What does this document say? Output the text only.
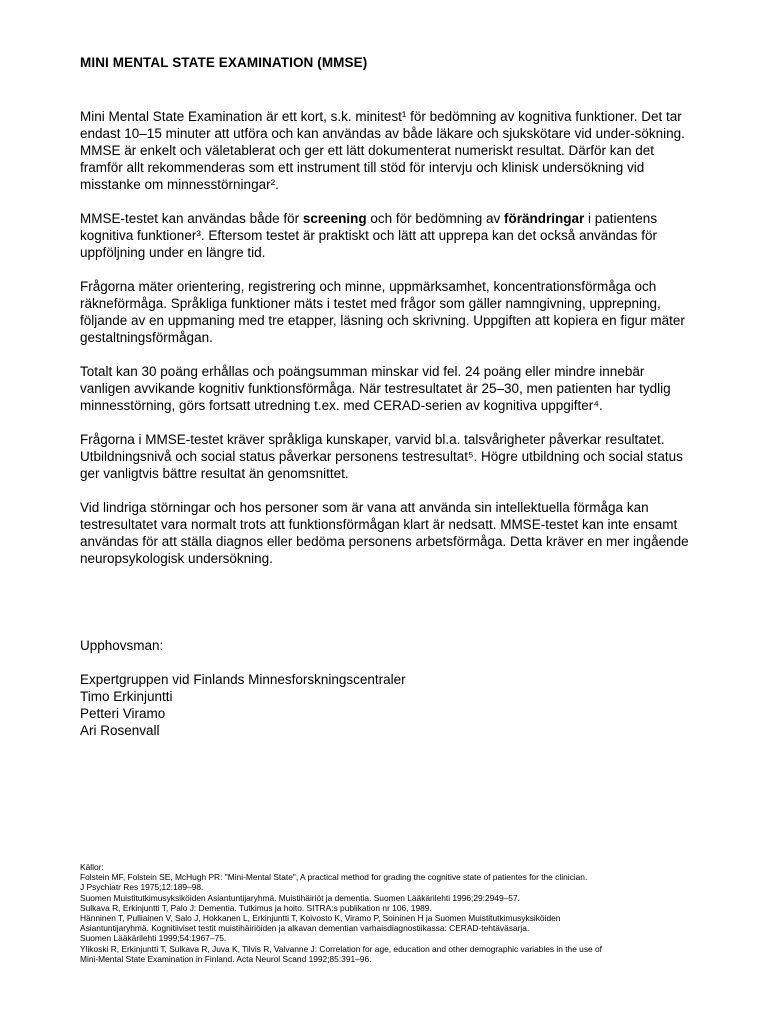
MINI MENTAL STATE EXAMINATION (MMSE)

Mini Mental State Examination är ett kort, s.k. minitest¹ för bedömning av kognitiva funktioner. Det tar endast 10–15 minuter att utföra och kan användas av både läkare och sjukskötare vid under-sökning. MMSE är enkelt och väletablerat och ger ett lätt dokumenterat numeriskt resultat. Därför kan det framför allt rekommenderas som ett instrument till stöd för intervju och klinisk undersökning vid misstanke om minnesstörningar².

MMSE-testet kan användas både för screening och för bedömning av förändringar i patientens kognitiva funktioner³. Eftersom testet är praktiskt och lätt att upprepa kan det också användas för uppföljning under en längre tid.

Frågorna mäter orientering, registrering och minne, uppmärksamhet, koncentrationsförmåga och räkneförmåga. Språkliga funktioner mäts i testet med frågor som gäller namngivning, upprepning, följande av en uppmaning med tre etapper, läsning och skrivning. Uppgiften att kopiera en figur mäter gestaltningsförmågan.

Totalt kan 30 poäng erhållas och poängsumman minskar vid fel. 24 poäng eller mindre innebär vanligen avvikande kognitiv funktionsförmåga. När testresultatet är 25–30, men patienten har tydlig minnesstörning, görs fortsatt utredning t.ex. med CERAD-serien av kognitiva uppgifter⁴.

Frågorna i MMSE-testet kräver språkliga kunskaper, varvid bl.a. talsvårigheter påverkar resultatet. Utbildningsnivå och social status påverkar personens testresultat⁵. Högre utbildning och social status ger vanligtvis bättre resultat än genomsnittet.

Vid lindriga störningar och hos personer som är vana att använda sin intellektuella förmåga kan testresultatet vara normalt trots att funktionsförmågan klart är nedsatt. MMSE-testet kan inte ensamt användas för att ställa diagnos eller bedöma personens arbetsförmåga. Detta kräver en mer ingående neuropsykologisk undersökning.

Upphovsman:
Expertgruppen vid Finlands Minnesforskningscentraler
Timo Erkinjuntti
Petteri Viramo
Ari Rosenvall
Källor:
Folstein MF, Folstein SE, McHugh PR: "Mini-Mental State", A practical method for grading the cognitive state of patientes for the clinician.
J Psychiatr Res 1975;12:189–98.
Suomen Muistitutkimusyksiköiden Asiantuntijaryhmä. Muistihäiriöt ja dementia. Suomen Lääkärilehti 1996;29:2949–57.
Sulkava R, Erkinjuntti T, Palo J: Dementia. Tutkimus ja hoito. SITRA:s publikation nr 106, 1989.
Hänninen T, Pulliainen V, Salo J, Hokkanen L, Erkinjuntti T, Koivosto K, Viramo P, Soininen H ja Suomen Muistitutkimusyksiköiden
Asiantuntijaryhmä. Kognitiiviset testit muistihäiriöiden ja alkavan dementian varhaisdiagnostiikassa: CERAD-tehtäväsarja.
Suomen Lääkärilehti 1999;54:1967–75.
Ylikoski R, Erkinjuntti T, Sulkava R, Juva K, Tilvis R, Valvanne J: Correlation for age, education and other demographic variables in the use of
Mini-Mental State Examination in Finland. Acta Neurol Scand 1992;85:391–96.
